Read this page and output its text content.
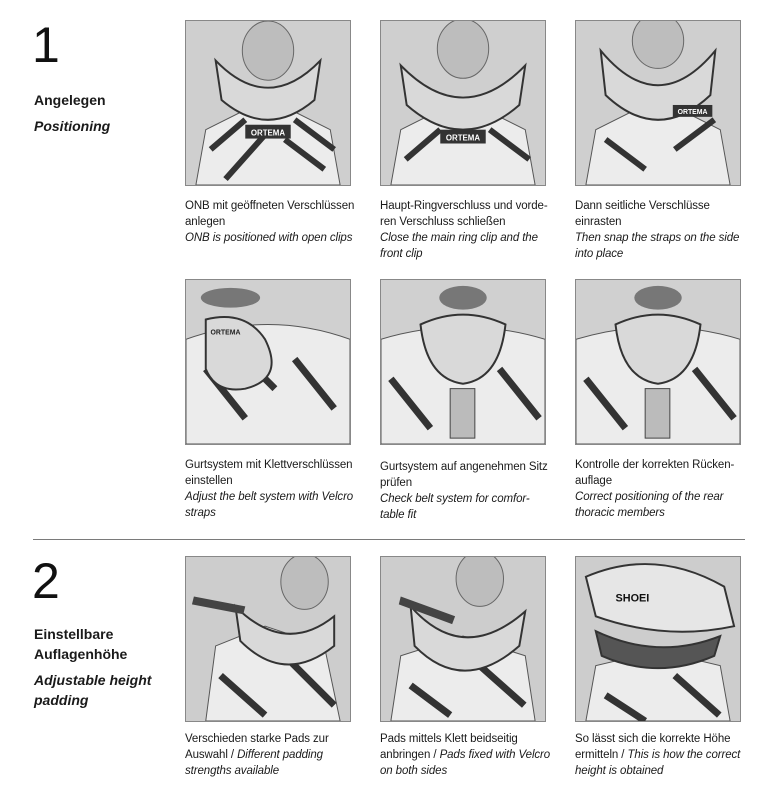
1
Angelegen
Positioning	ORTEMA
ORTEMA
ORTEMA
ONB mit geöffneten Verschlüssen anlegen
ONB is positioned with open clips
Haupt-Ringverschluss und vorde-ren Verschluss schließen
Close the main ring clip and the front clip
Dann seitliche Verschlüsse einrasten
Then snap the straps on the side into place
ORTEMA
Gurtsystem mit Klettverschlüssen einstellen
Adjust the belt system with Velcro straps
Gurtsystem auf angenehmen Sitz prüfen
Check belt system for comfor-table fit
Kontrolle der korrekten Rücken-auflage
Correct positioning of the rear thoracic members
2
Einstellbare
Auflagenhöhe
Adjustable height
padding
SHOEI
Verschieden starke Pads zur Auswahl / Different padding strengths available
Pads mittels Klett beidseitig anbringen / Pads fixed with Velcro on both sides
So lässt sich die korrekte Höhe ermitteln / This is how the correct height is obtained
